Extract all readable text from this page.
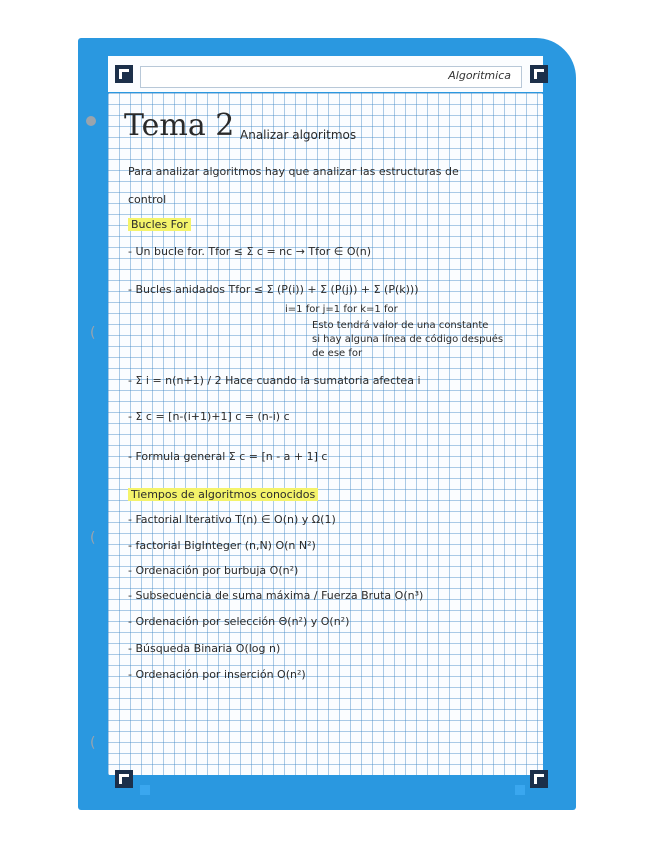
Algoritmica
(
(
(
Tema 2 Analizar algoritmos
Para analizar algoritmos hay que analizar las estructuras de
control
Bucles For
- Un bucle for. Tfor ≤ Σ c = nc → Tfor ∈ O(n)
- Bucles anidados Tfor ≤ Σ (P(i)) + Σ (P(j)) + Σ (P(k)))
i=1 for j=1 for k=1 for
Esto tendrá valor de una constante
si hay alguna línea de código después
de ese for
- Σ i = n(n+1) / 2 Hace cuando la sumatoria afectea i
- Σ c = [n-(i+1)+1] c = (n-i) c
- Formula general Σ c = [n - a + 1] c
Tiempos de algoritmos conocidos
- Factorial Iterativo T(n) ∈ O(n) y Ω(1)
- factorial BigInteger (n,N) O(n N²)
- Ordenación por burbuja O(n²)
- Subsecuencia de suma máxima / Fuerza Bruta O(n³)
- Ordenación por selección Θ(n²) y O(n²)
- Búsqueda Binaria O(log n)
- Ordenación por inserción O(n²)
